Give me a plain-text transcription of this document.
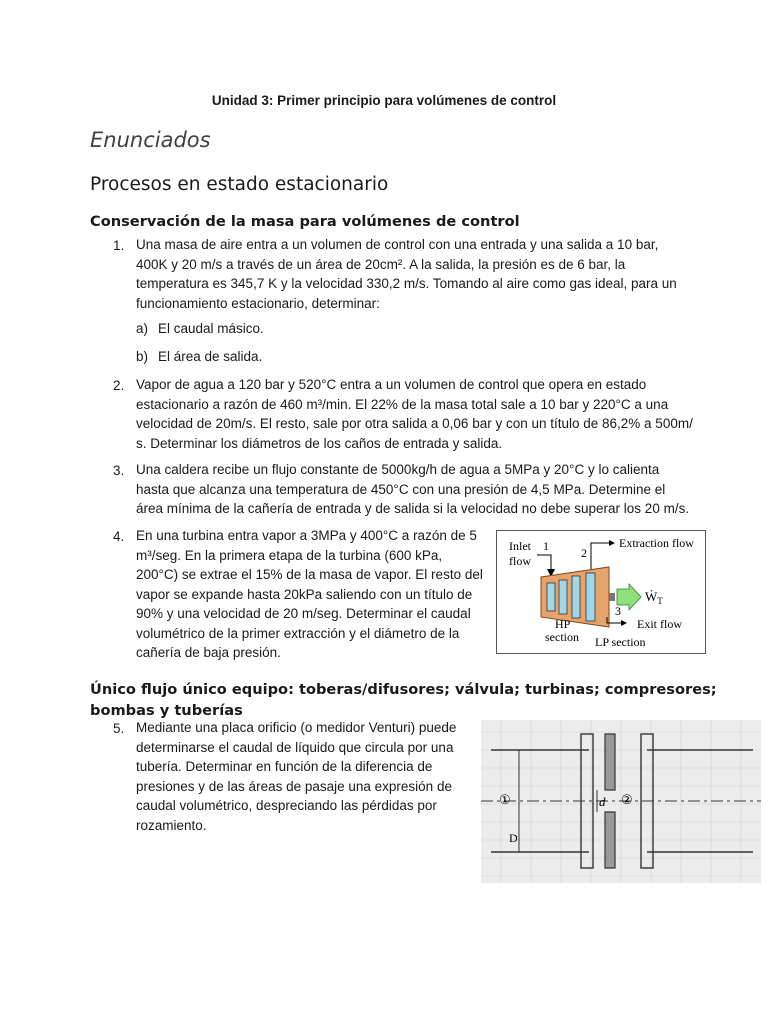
Unidad 3: Primer principio para volúmenes de control
Enunciados
Procesos en estado estacionario
Conservación de la masa para volúmenes de control
1. Una masa de aire entra a un volumen de control con una entrada y una salida a 10 bar,
400K y 20 m/s a través de un área de 20cm². A la salida, la presión es de 6 bar, la
temperatura es 345,7 K y la velocidad 330,2 m/s. Tomando al aire como gas ideal, para un
funcionamiento estacionario, determinar:
a) El caudal másico.
b) El área de salida.
2. Vapor de agua a 120 bar y 520°C entra a un volumen de control que opera en estado
estacionario a razón de 460 m³/min. El 22% de la masa total sale a 10 bar y 220°C a una
velocidad de 20m/s. El resto, sale por otra salida a 0,06 bar y con un título de 86,2% a 500m/
s. Determinar los diámetros de los caños de entrada y salida.
3. Una caldera recibe un flujo constante de 5000kg/h de agua a 5MPa y 20°C y lo calienta
hasta que alcanza una temperatura de 450°C con una presión de 4,5 MPa. Determine el
área mínima de la cañería de entrada y de salida si la velocidad no debe superar los 20 m/s.
4. En una turbina entra vapor a 3MPa y 400°C a razón de 5
m³/seg. En la primera etapa de la turbina (600 kPa,
200°C) se extrae el 15% de la masa de vapor. El resto del
vapor se expande hasta 20kPa saliendo con un título de
90% y una velocidad de 20 m/seg. Determinar el caudal
volumétrico de la primer extracción y el diámetro de la
cañería de baja presión.
Inlet
flow
1
Ẇ$_T$
2
Extraction flow
3
Exit flow
HP
section LP section
Único flujo único equipo: toberas/difusores; válvula; turbinas; compresores;
bombas y tuberías
5. Mediante una placa orificio (o medidor Venturi) puede
determinarse el caudal de líquido que circula por una
tubería. Determinar en función de la diferencia de
presiones y de las áreas de pasaje una expresión de
caudal volumétrico, despreciando las pérdidas por
rozamiento.
D
d
①	②
